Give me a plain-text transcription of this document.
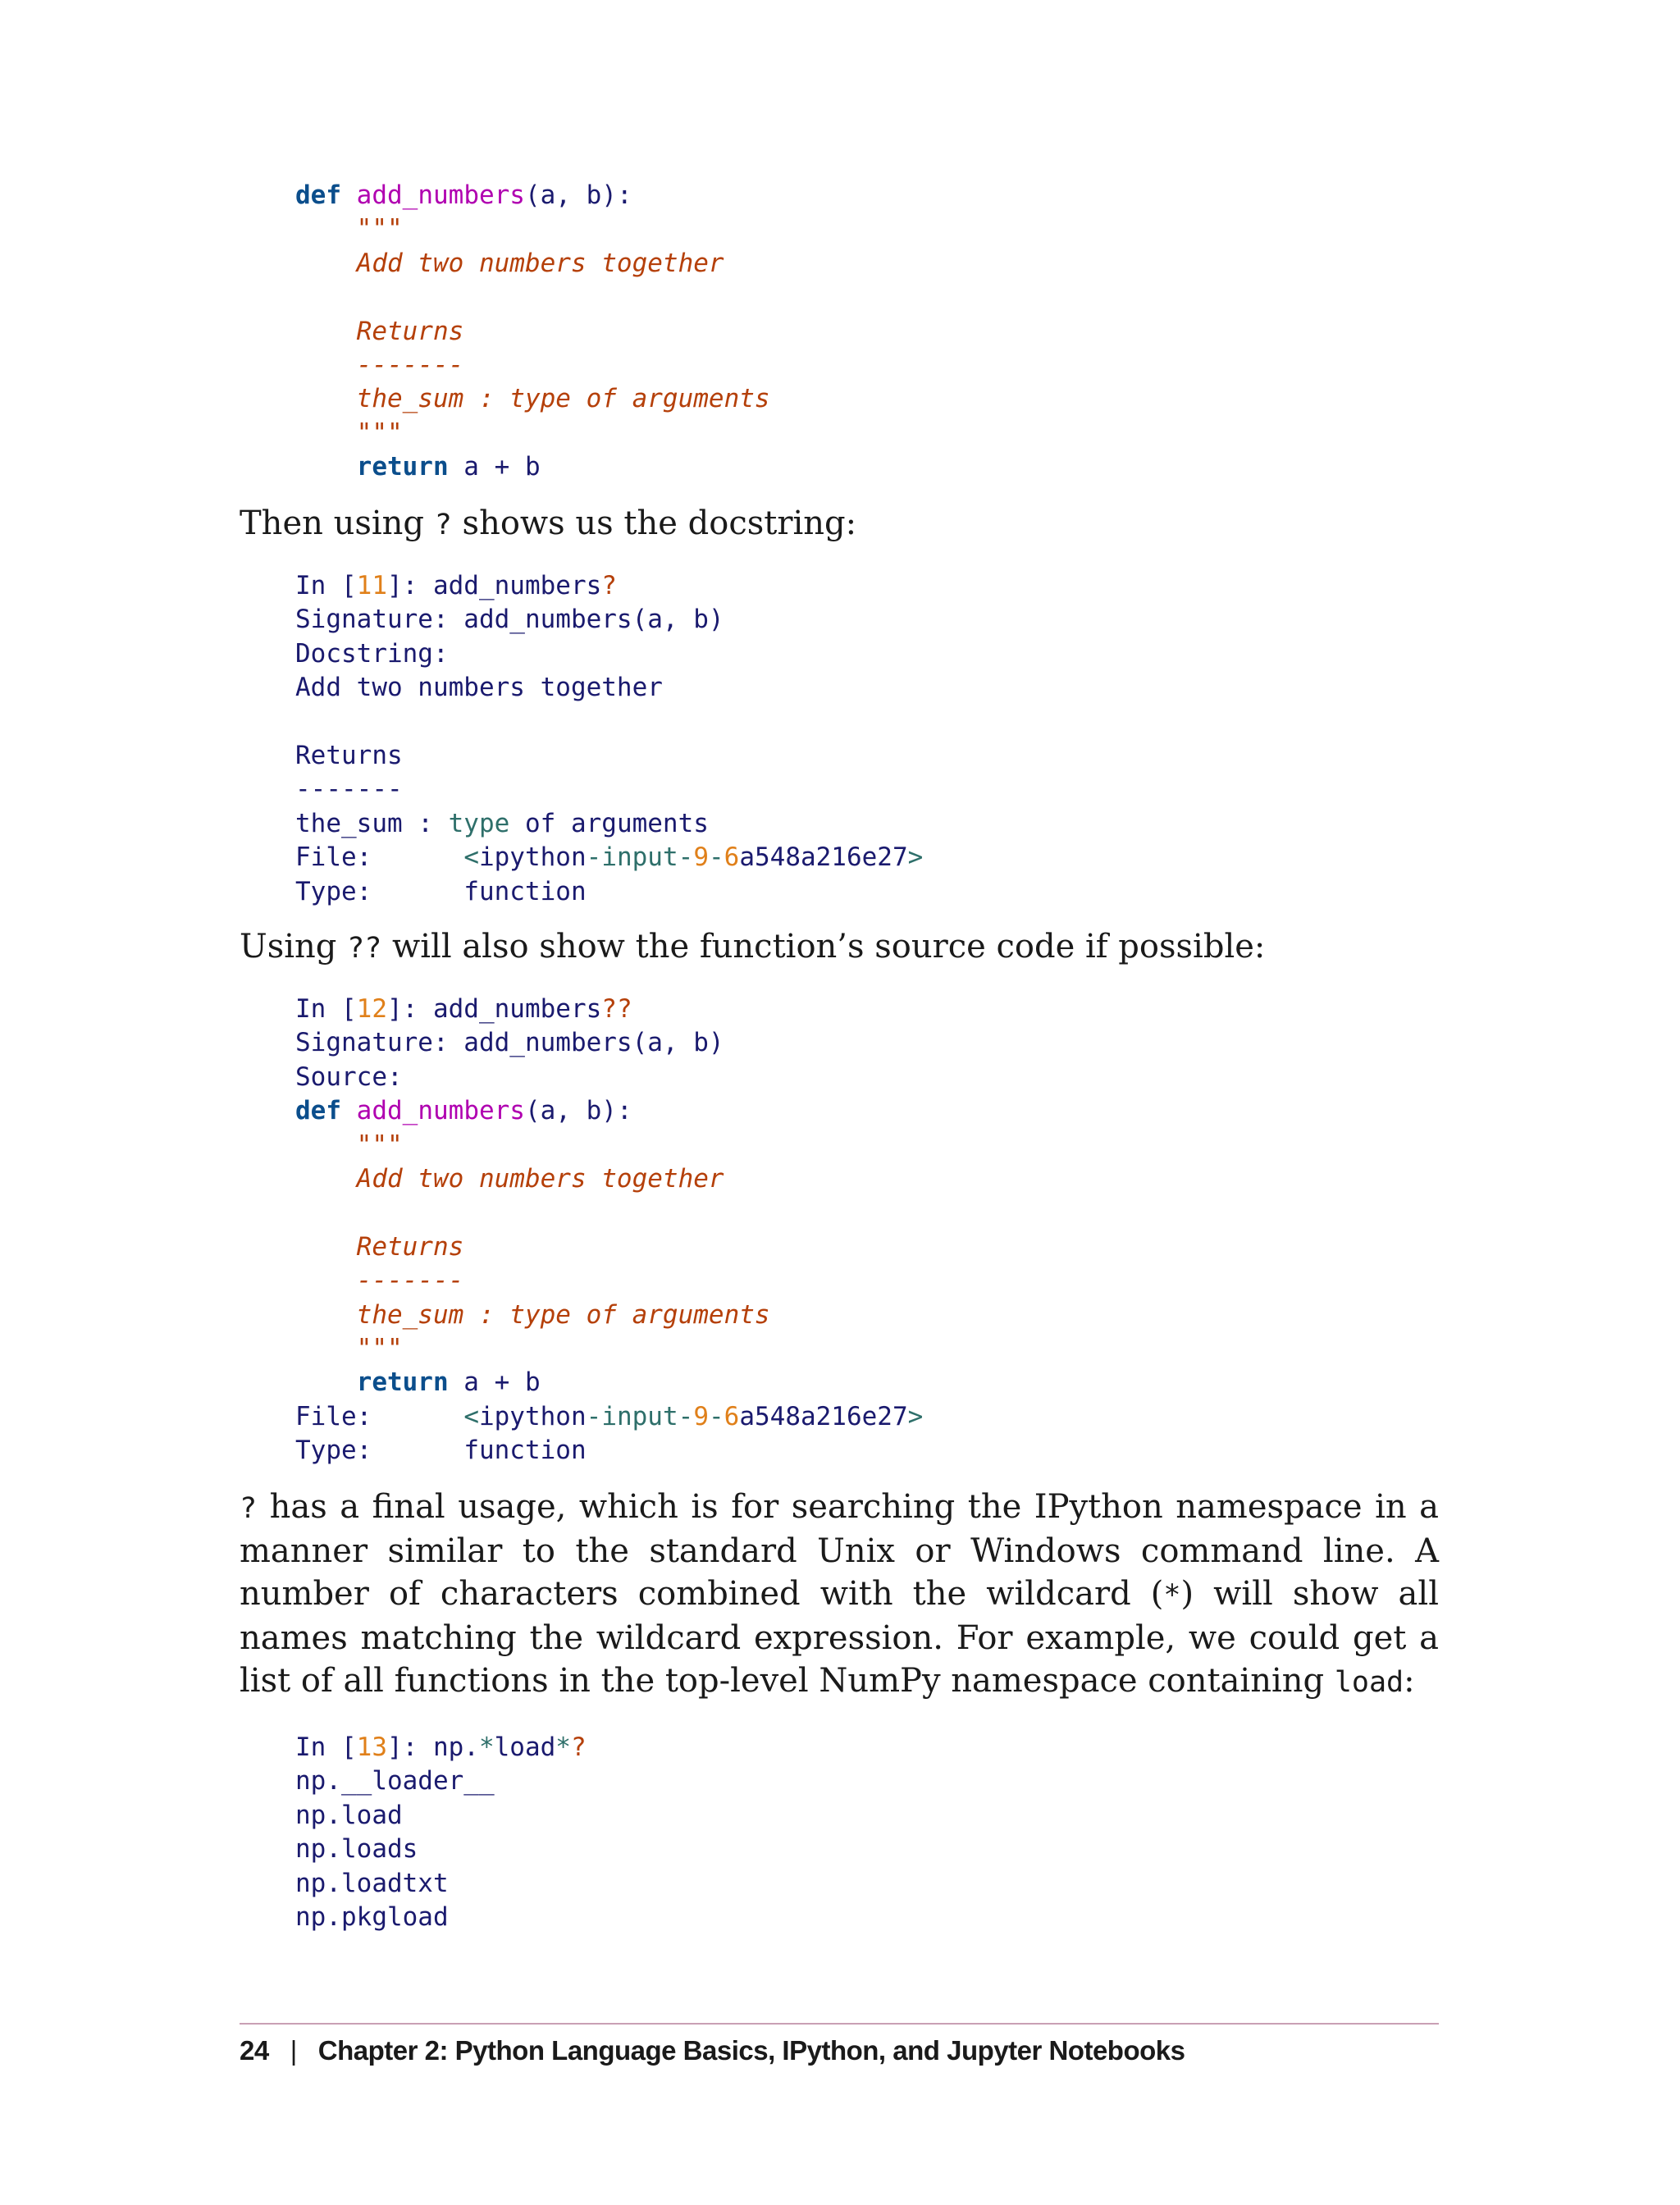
def add_numbers(a, b):
"""
Add two numbers together
Returns
-------
the_sum : type of arguments
"""
return a + b

Then using ? shows us the docstring:

In [11]: add_numbers?
Signature: add_numbers(a, b)
Docstring:
Add two numbers together
Returns
-------
the_sum : type of arguments
File:      <ipython-input-9-6a548a216e27>
Type:      function

Using ?? will also show the function’s source code if possible:

In [12]: add_numbers??
Signature: add_numbers(a, b)
Source:
def add_numbers(a, b):
"""
Add two numbers together
Returns
-------
the_sum : type of arguments
"""
return a + b
File:      <ipython-input-9-6a548a216e27>
Type:      function

? has a final usage, which is for searching the IPython namespace in a manner similar to the standard Unix or Windows command line. A number of characters combined with the wildcard (*) will show all names matching the wildcard expression. For example, we could get a list of all functions in the top-level NumPy namespace containing load:

In [13]: np.*load*?
np.__loader__
np.load
np.loads
np.loadtxt
np.pkgload
24 | Chapter 2: Python Language Basics, IPython, and Jupyter Notebooks
